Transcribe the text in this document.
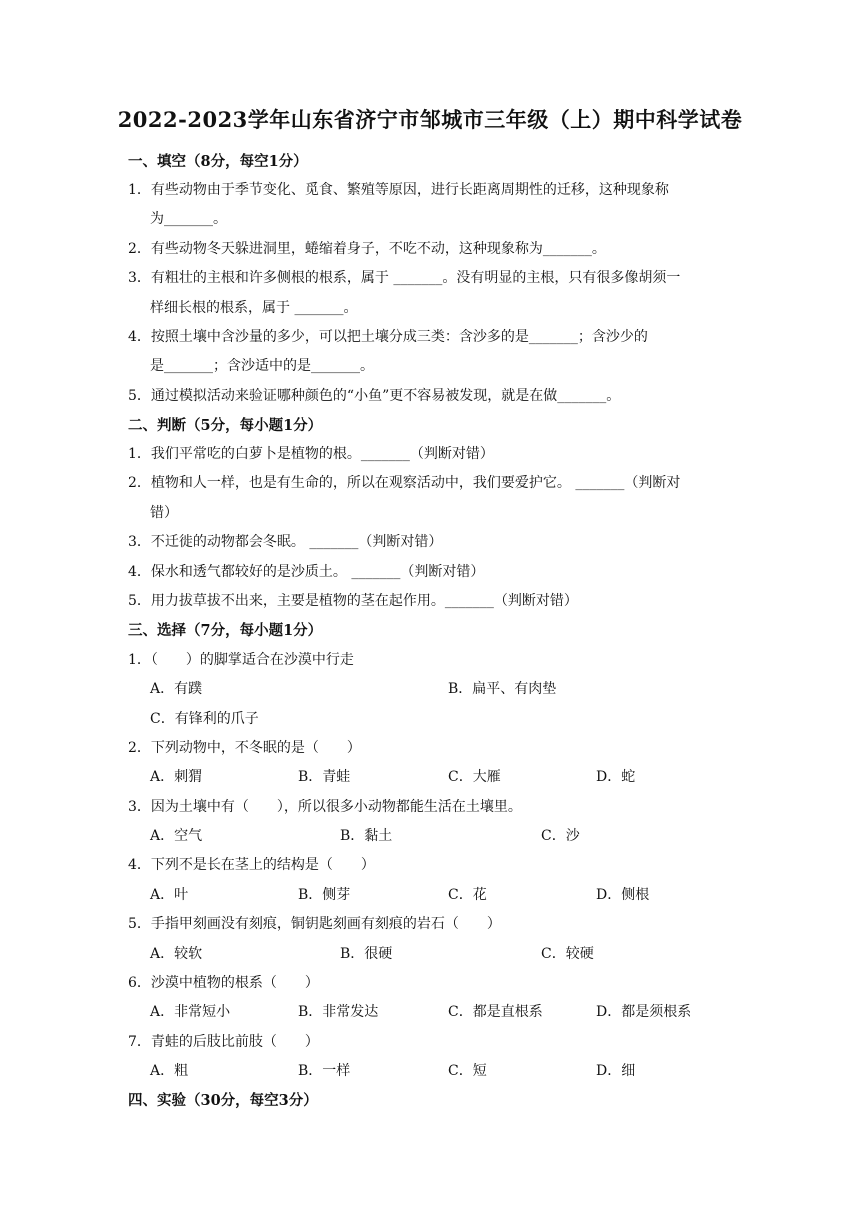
2022-2023学年山东省济宁市邹城市三年级（上）期中科学试卷
一、填空（8分，每空1分）
1．有些动物由于季节变化、觅食、繁殖等原因，进行长距离周期性的迁移，这种现象称
为_______。
2．有些动物冬天躲进洞里，蜷缩着身子，不吃不动，这种现象称为_______。
3．有粗壮的主根和许多侧根的根系，属于 _______。没有明显的主根，只有很多像胡须一
样细长根的根系，属于 _______。
4．按照土壤中含沙量的多少，可以把土壤分成三类：含沙多的是_______；含沙少的
是_______；含沙适中的是_______。
5．通过模拟活动来验证哪种颜色的“小鱼”更不容易被发现，就是在做_______。
二、判断（5分，每小题1分）
1．我们平常吃的白萝卜是植物的根。_______（判断对错）
2．植物和人一样，也是有生命的，所以在观察活动中，我们要爱护它。 _______（判断对
错）
3．不迁徙的动物都会冬眠。 _______（判断对错）
4．保水和透气都较好的是沙质土。 _______（判断对错）
5．用力拔草拔不出来，主要是植物的茎在起作用。_______（判断对错）
三、选择（7分，每小题1分）
1．（　　）的脚掌适合在沙漠中行走
A．有蹼	B．扁平、有肉垫
C．有锋利的爪子
2．下列动物中，不冬眠的是（　　）
A．刺猬	B．青蛙	C．大雁	D．蛇
3．因为土壤中有（　　），所以很多小动物都能生活在土壤里。
A．空气	B．黏土	C．沙
4．下列不是长在茎上的结构是（　　）
A．叶	B．侧芽	C．花	D．侧根
5．手指甲刻画没有刻痕，铜钥匙刻画有刻痕的岩石（　　）
A．较软	B．很硬	C．较硬
6．沙漠中植物的根系（　　）
A．非常短小	B．非常发达	C．都是直根系	D．都是须根系
7．青蛙的后肢比前肢（　　）
A．粗	B．一样	C．短	D．细
四、实验（30分，每空3分）
